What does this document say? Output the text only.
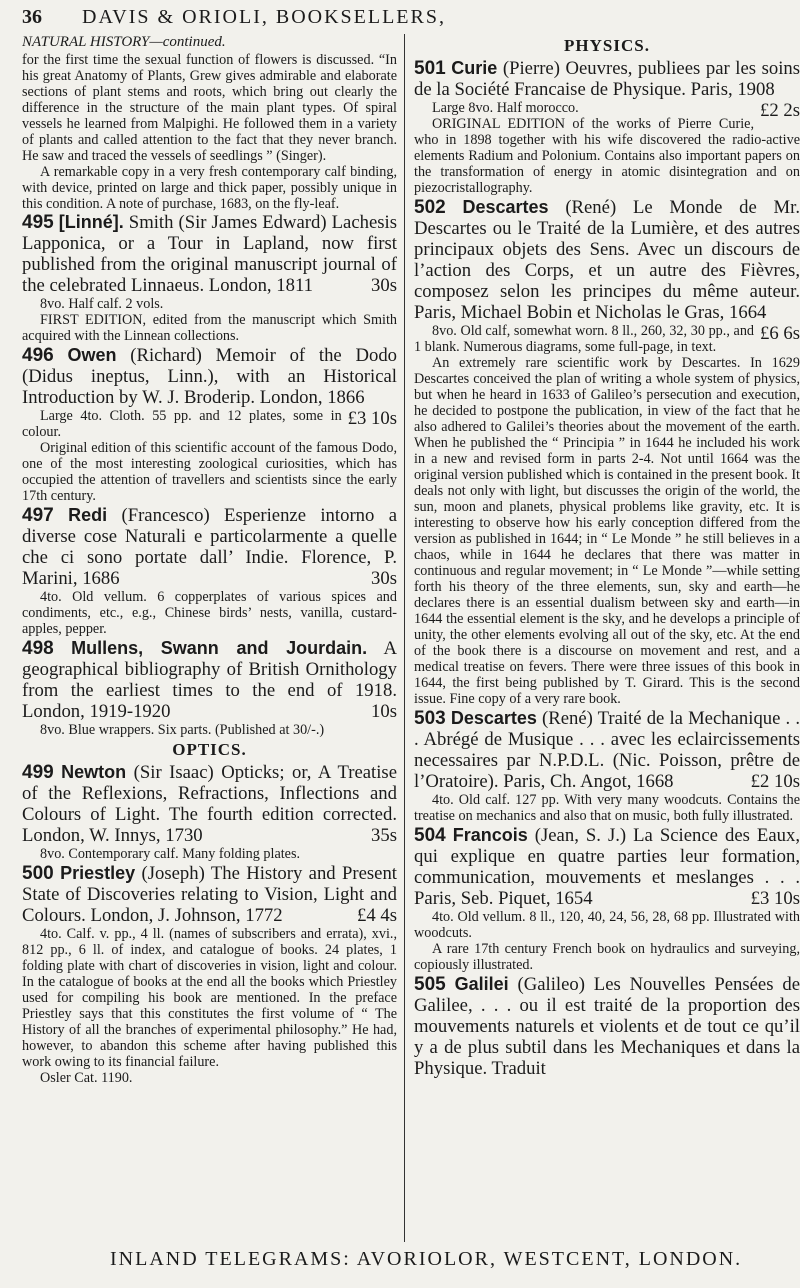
36 DAVIS & ORIOLI, BOOKSELLERS,
NATURAL HISTORY—continued.

for the first time the sexual function of flowers is discussed. “In his great Anatomy of Plants, Grew gives admirable and elaborate sections of plant stems and roots, which bring out clearly the difference in the structure of the main plant types. Of spiral vessels he learned from Malpighi. He followed them in a variety of plants and called attention to the fact that they never branch. He saw and traced the vessels of seedlings ” (Singer).

A remarkable copy in a very fresh contemporary calf binding, with device, printed on large and thick paper, possibly unique in this condition. A note of purchase, 1683, on the fly-leaf.

495 [Linné]. Smith (Sir James Edward) Lachesis Lapponica, or a Tour in Lapland, now first published from the original manuscript journal of the celebrated Linnaeus. London, 1811	30s

8vo. Half calf. 2 vols.

FIRST EDITION, edited from the manuscript which Smith acquired with the Linnean collections.

496 Owen (Richard) Memoir of the Dodo (Didus ineptus, Linn.), with an Historical Introduction by W. J. Broderip. London, 1866
£3 10s

Large 4to. Cloth. 55 pp. and 12 plates, some in colour.

Original edition of this scientific account of the famous Dodo, one of the most interesting zoological curiosities, which has occupied the attention of travellers and scientists since the early 17th century.

497 Redi (Francesco) Esperienze intorno a diverse cose Naturali e particolarmente a quelle che ci sono portate dall’ Indie. Florence, P. Marini, 1686	30s

4to. Old vellum. 6 copperplates of various spices and condiments, etc., e.g., Chinese birds’ nests, vanilla, custard-apples, pepper.

498 Mullens, Swann and Jourdain. A geographical bibliography of British Ornithology from the earliest times to the end of 1918. London, 1919-1920	10s

8vo. Blue wrappers. Six parts. (Published at 30/-.)

OPTICS.

499 Newton (Sir Isaac) Opticks; or, A Treatise of the Reflexions, Refractions, Inflections and Colours of Light. The fourth edition corrected. London, W. Innys, 1730	35s

8vo. Contemporary calf. Many folding plates.

500 Priestley (Joseph) The History and Present State of Discoveries relating to Vision, Light and Colours. London, J. Johnson, 1772	£4 4s

4to. Calf. v. pp., 4 ll. (names of subscribers and errata), xvi., 812 pp., 6 ll. of index, and catalogue of books. 24 plates, 1 folding plate with chart of discoveries in vision, light and colour. In the catalogue of books at the end all the books which Priestley used for compiling his book are mentioned. In the preface Priestley says that this constitutes the first volume of “ The History of all the branches of experimental philosophy.” He had, however, to abandon this scheme after having published this work owing to its financial failure.

Osler Cat. 1190.

PHYSICS.

501 Curie (Pierre) Oeuvres, publiees par les soins de la Société Francaise de Physique. Paris, 1908
£2 2s

Large 8vo. Half morocco.

ORIGINAL EDITION of the works of Pierre Curie, who in 1898 together with his wife discovered the radio-active elements Radium and Polonium. Contains also important papers on the transformation of energy in atomic disintegration and on piezocristallography.

502 Descartes (René) Le Monde de Mr. Descartes ou le Traité de la Lumière, et des autres principaux objets des Sens. Avec un discours de l’action des Corps, et un autre des Fièvres, composez selon les principes du même auteur. Paris, Michael Bobin et Nicholas le Gras, 1664
£6 6s

8vo. Old calf, somewhat worn. 8 ll., 260, 32, 30 pp., and 1 blank. Numerous diagrams, some full-page, in text.

An extremely rare scientific work by Descartes. In 1629 Descartes conceived the plan of writing a whole system of physics, but when he heard in 1633 of Galileo’s persecution and execution, he decided to postpone the publication, in view of the fact that he also adhered to Galilei’s theories about the movement of the earth. When he published the “ Principia ” in 1644 he included his work in a new and revised form in parts 2-4. Not until 1664 was the original version published which is contained in the present book. It deals not only with light, but discusses the origin of the world, the sun, moon and planets, physical problems like gravity, etc. It is interesting to observe how his early conception differed from the version as published in 1644; in “ Le Monde ” he still believes in a chaos, while in 1644 he declares that there was matter in continuous and regular movement; in “ Le Monde ”—while setting forth his theory of the three elements, sun, sky and earth—he declares there is an essential dualism between sky and earth—in 1644 the essential element is the sky, and he develops a principle of unity, the other elements evolving all out of the sky, etc. At the end of the book there is a discourse on movement and rest, and a medical treatise on fevers. There were three issues of this book in 1644, the first being published by T. Girard. This is the second issue. Fine copy of a very rare book.

503 Descartes (René) Traité de la Mechanique . . . Abrégé de Musique . . . avec les eclaircissements necessaires par N.P.D.L. (Nic. Poisson, prêtre de l’Oratoire). Paris, Ch. Angot, 1668	£2 10s

4to. Old calf. 127 pp. With very many woodcuts. Contains the treatise on mechanics and also that on music, both fully illustrated.

504 Francois (Jean, S. J.) La Science des Eaux, qui explique en quatre parties leur formation, communication, mouvements et meslanges . . . Paris, Seb. Piquet, 1654	£3 10s

4to. Old vellum. 8 ll., 120, 40, 24, 56, 28, 68 pp. Illustrated with woodcuts.

A rare 17th century French book on hydraulics and surveying, copiously illustrated.

505 Galilei (Galileo) Les Nouvelles Pensées de Galilee, . . . ou il est traité de la proportion des mouvements naturels et violents et de tout ce qu’il y a de plus subtil dans les Mechaniques et dans la Physique. Traduit

INLAND TELEGRAMS: AVORIOLOR, WESTCENT, LONDON.
